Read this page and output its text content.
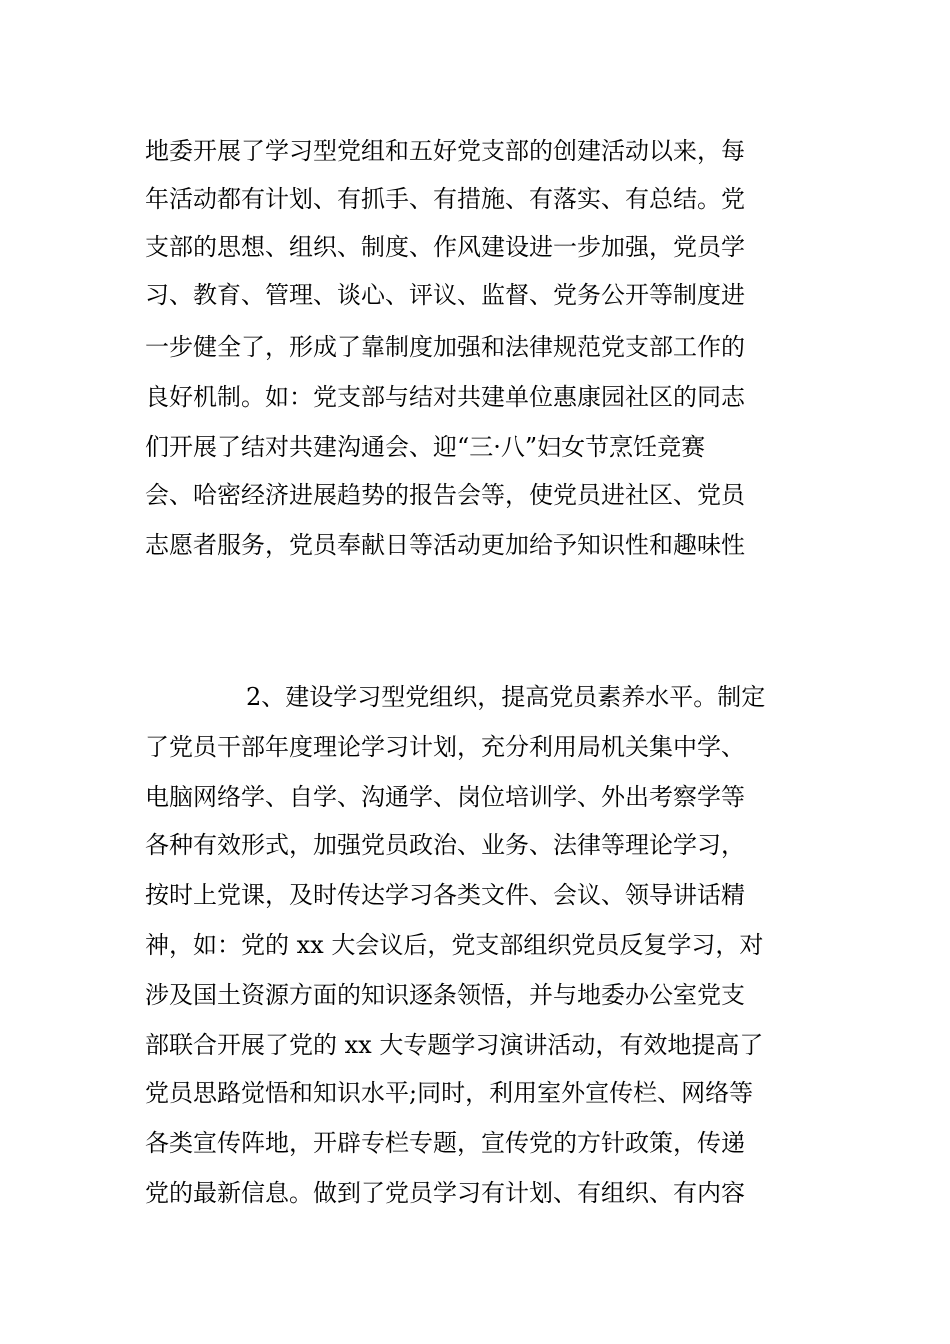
地委开展了学习型党组和五好党支部的创建活动以来，每
年活动都有计划、有抓手、有措施、有落实、有总结。党
支部的思想、组织、制度、作风建设进一步加强，党员学
习、教育、管理、谈心、评议、监督、党务公开等制度进
一步健全了，形成了靠制度加强和法律规范党支部工作的
良好机制。如：党支部与结对共建单位惠康园社区的同志
们开展了结对共建沟通会、迎“三·八”妇女节烹饪竞赛
会、哈密经济进展趋势的报告会等，使党员进社区、党员
志愿者服务，党员奉献日等活动更加给予知识性和趣味性
2、建设学习型党组织，提高党员素养水平。制定
了党员干部年度理论学习计划，充分利用局机关集中学、
电脑网络学、自学、沟通学、岗位培训学、外出考察学等
各种有效形式，加强党员政治、业务、法律等理论学习，
按时上党课，及时传达学习各类文件、会议、领导讲话精
神，如：党的 xx 大会议后，党支部组织党员反复学习，对
涉及国土资源方面的知识逐条领悟，并与地委办公室党支
部联合开展了党的 xx 大专题学习演讲活动，有效地提高了
党员思路觉悟和知识水平;同时，利用室外宣传栏、网络等
各类宣传阵地，开辟专栏专题，宣传党的方针政策，传递
党的最新信息。做到了党员学习有计划、有组织、有内容
